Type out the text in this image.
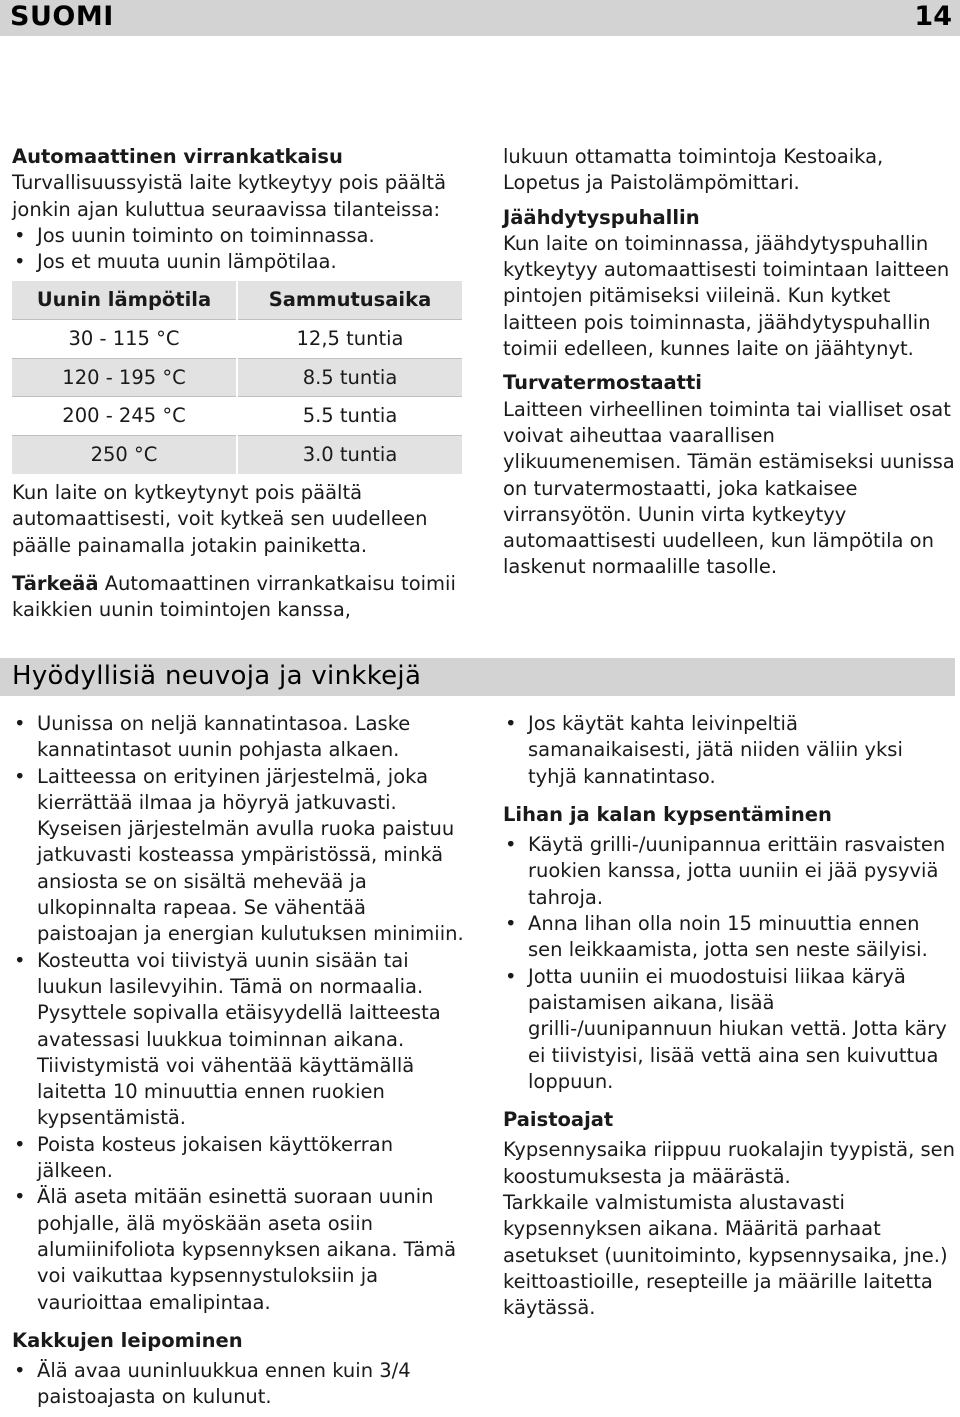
SUOMI	14

Automaattinen virrankatkaisu

Turvallisuussyistä laite kytkeytyy pois päältä jonkin ajan kuluttua seuraavissa tilanteissa:

• Jos uunin toiminto on toiminnassa.
• Jos et muuta uunin lämpötilaa.
Uunin lämpötila	Sammutusaika
30 - 115 °C	12,5 tuntia
120 - 195 °C	8.5 tuntia
200 - 245 °C	5.5 tuntia
250 °C	3.0 tuntia

Kun laite on kytkeytynyt pois päältä automaattisesti, voit kytkeä sen uudelleen päälle painamalla jotakin painiketta.

Tärkeää Automaattinen virrankatkaisu toimii kaikkien uunin toimintojen kanssa,

lukuun ottamatta toimintoja Kestoaika, Lopetus ja Paistolämpömittari.

Jäähdytyspuhallin

Kun laite on toiminnassa, jäähdytyspuhallin kytkeytyy automaattisesti toimintaan laitteen pintojen pitämiseksi viileinä. Kun kytket laitteen pois toiminnasta, jäähdytyspuhallin toimii edelleen, kunnes laite on jäähtynyt.

Turvatermostaatti

Laitteen virheellinen toiminta tai vialliset osat voivat aiheuttaa vaarallisen ylikuumenemisen. Tämän estämiseksi uunissa on turvatermostaatti, joka katkaisee virransyötön. Uunin virta kytkeytyy automaattisesti uudelleen, kun lämpötila on laskenut normaalille tasolle.

Hyödyllisiä neuvoja ja vinkkejä
• Uunissa on neljä kannatintasoa. Laske kannatintasot uunin pohjasta alkaen.
• Laitteessa on erityinen järjestelmä, joka kierrättää ilmaa ja höyryä jatkuvasti. Kyseisen järjestelmän avulla ruoka paistuu jatkuvasti kosteassa ympäristössä, minkä ansiosta se on sisältä mehevää ja ulkopinnalta rapeaa. Se vähentää paistoajan ja energian kulutuksen minimiin.
• Kosteutta voi tiivistyä uunin sisään tai luukun lasilevyihin. Tämä on normaalia. Pysyttele sopivalla etäisyydellä laitteesta avatessasi luukkua toiminnan aikana. Tiivistymistä voi vähentää käyttämällä laitetta 10 minuuttia ennen ruokien kypsentämistä.
• Poista kosteus jokaisen käyttökerran jälkeen.
• Älä aseta mitään esinettä suoraan uunin pohjalle, älä myöskään aseta osiin alumiinifoliota kypsennyksen aikana. Tämä voi vaikuttaa kypsennystuloksiin ja vaurioittaa emalipintaa.

Kakkujen leipominen

• Älä avaa uuninluukkua ennen kuin 3/4 paistoajasta on kulunut.
• Jos käytät kahta leivinpeltiä samanaikaisesti, jätä niiden väliin yksi tyhjä kannatintaso.

Lihan ja kalan kypsentäminen

• Käytä grilli-/uunipannua erittäin rasvaisten ruokien kanssa, jotta uuniin ei jää pysyviä tahroja.
• Anna lihan olla noin 15 minuuttia ennen sen leikkaamista, jotta sen neste säilyisi.
• Jotta uuniin ei muodostuisi liikaa käryä paistamisen aikana, lisää grilli-/uunipannuun hiukan vettä. Jotta käry ei tiivistyisi, lisää vettä aina sen kuivuttua loppuun.

Paistoajat

Kypsennysaika riippuu ruokalajin tyypistä, sen koostumuksesta ja määrästä.

Tarkkaile valmistumista alustavasti kypsennyksen aikana. Määritä parhaat asetukset (uunitoiminto, kypsennysaika, jne.) keittoastioille, resepteille ja määrille laitetta käytässä.
